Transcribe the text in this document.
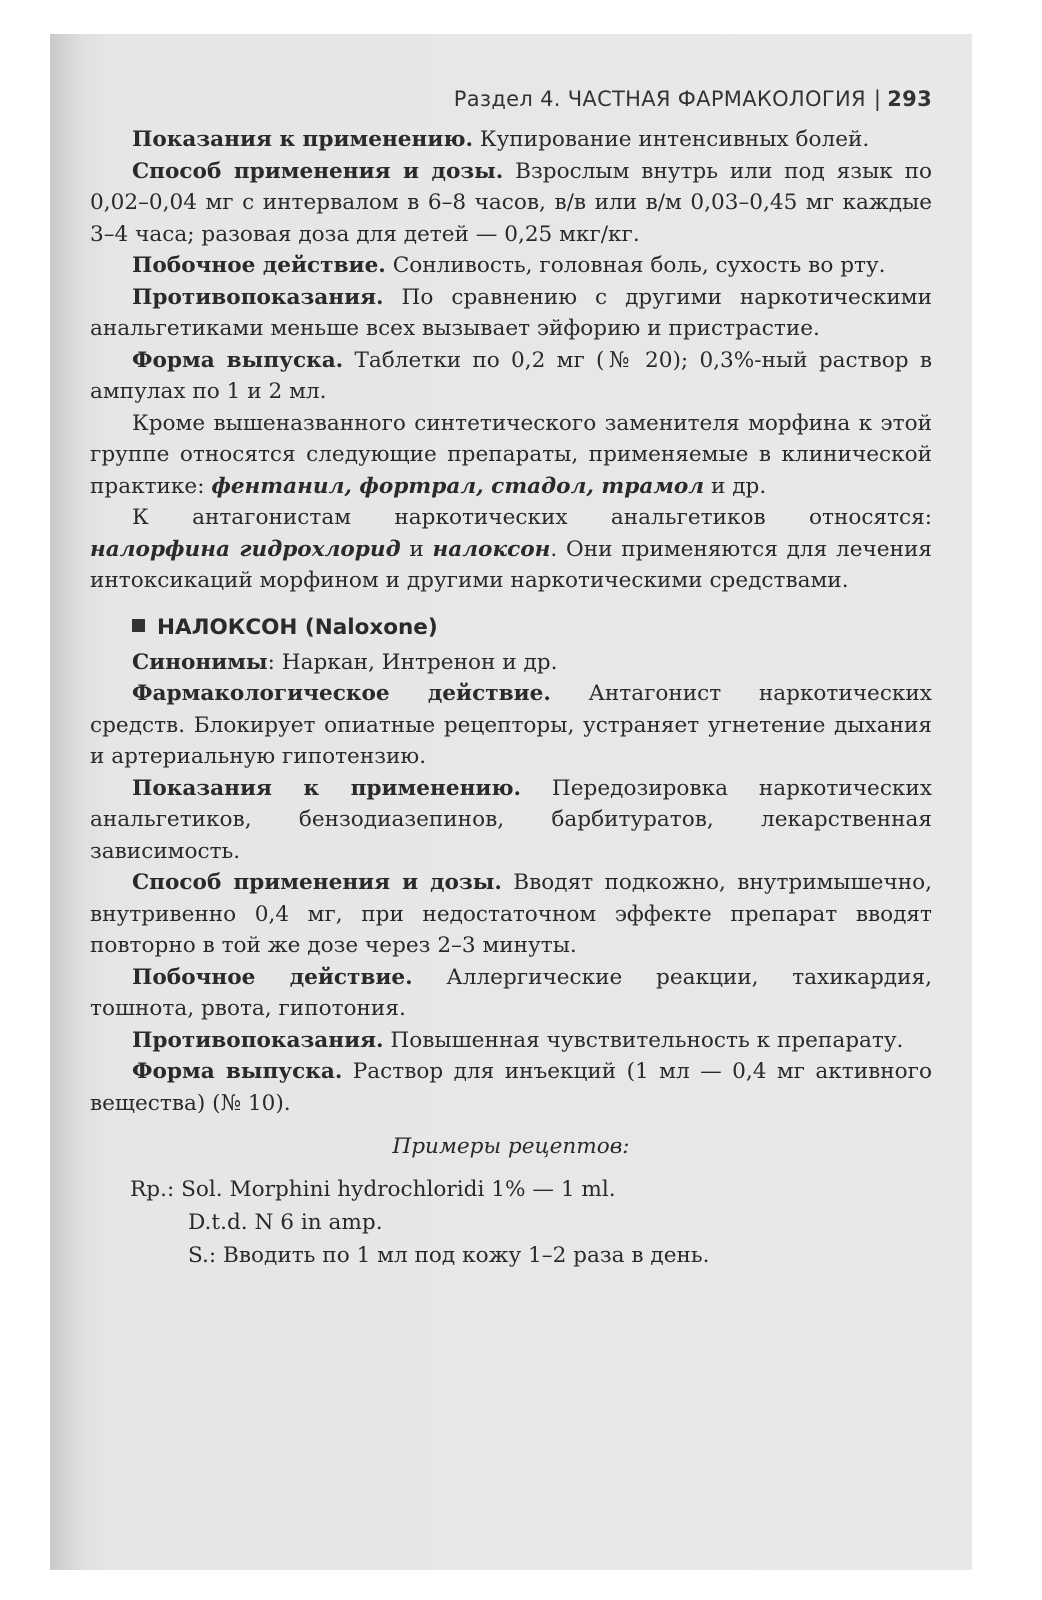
Раздел 4. ЧАСТНАЯ ФАРМАКОЛОГИЯ | 293

Показания к применению. Купирование интенсивных болей.

Способ применения и дозы. Взрослым внутрь или под язык по 0,02–0,04 мг с интервалом в 6–8 часов, в/в или в/м 0,03–0,45 мг каждые 3–4 часа; разовая доза для детей — 0,25 мкг/кг.

Побочное действие. Сонливость, головная боль, сухость во рту.

Противопоказания. По сравнению с другими наркотическими анальгетиками меньше всех вызывает эйфорию и пристрастие.

Форма выпуска. Таблетки по 0,2 мг (№ 20); 0,3%-ный раствор в ампулах по 1 и 2 мл.

Кроме вышеназванного синтетического заменителя морфина к этой группе относятся следующие препараты, применяемые в клинической практике: фентанил, фортрал, стадол, трамол и др.

К антагонистам наркотических анальгетиков относятся: налорфина гидрохлорид и налоксон. Они применяются для лечения интоксикаций морфином и другими наркотическими средствами.

НАЛОКСОН (Naloxone)

Синонимы: Наркан, Интренон и др.

Фармакологическое действие. Антагонист наркотических средств. Блокирует опиатные рецепторы, устраняет угнетение дыхания и артериальную гипотензию.

Показания к применению. Передозировка наркотических анальгетиков, бензодиазепинов, барбитуратов, лекарственная зависимость.

Способ применения и дозы. Вводят подкожно, внутримышечно, внутривенно 0,4 мг, при недостаточном эффекте препарат вводят повторно в той же дозе через 2–3 минуты.

Побочное действие. Аллергические реакции, тахикардия, тошнота, рвота, гипотония.

Противопоказания. Повышенная чувствительность к препарату.

Форма выпуска. Раствор для инъекций (1 мл — 0,4 мг активного вещества) (№ 10).

Примеры рецептов:
Rp.: Sol. Morphini hydrochloridi 1% — 1 ml.
D.t.d. N 6 in amp.
S.: Вводить по 1 мл под кожу 1–2 раза в день.
